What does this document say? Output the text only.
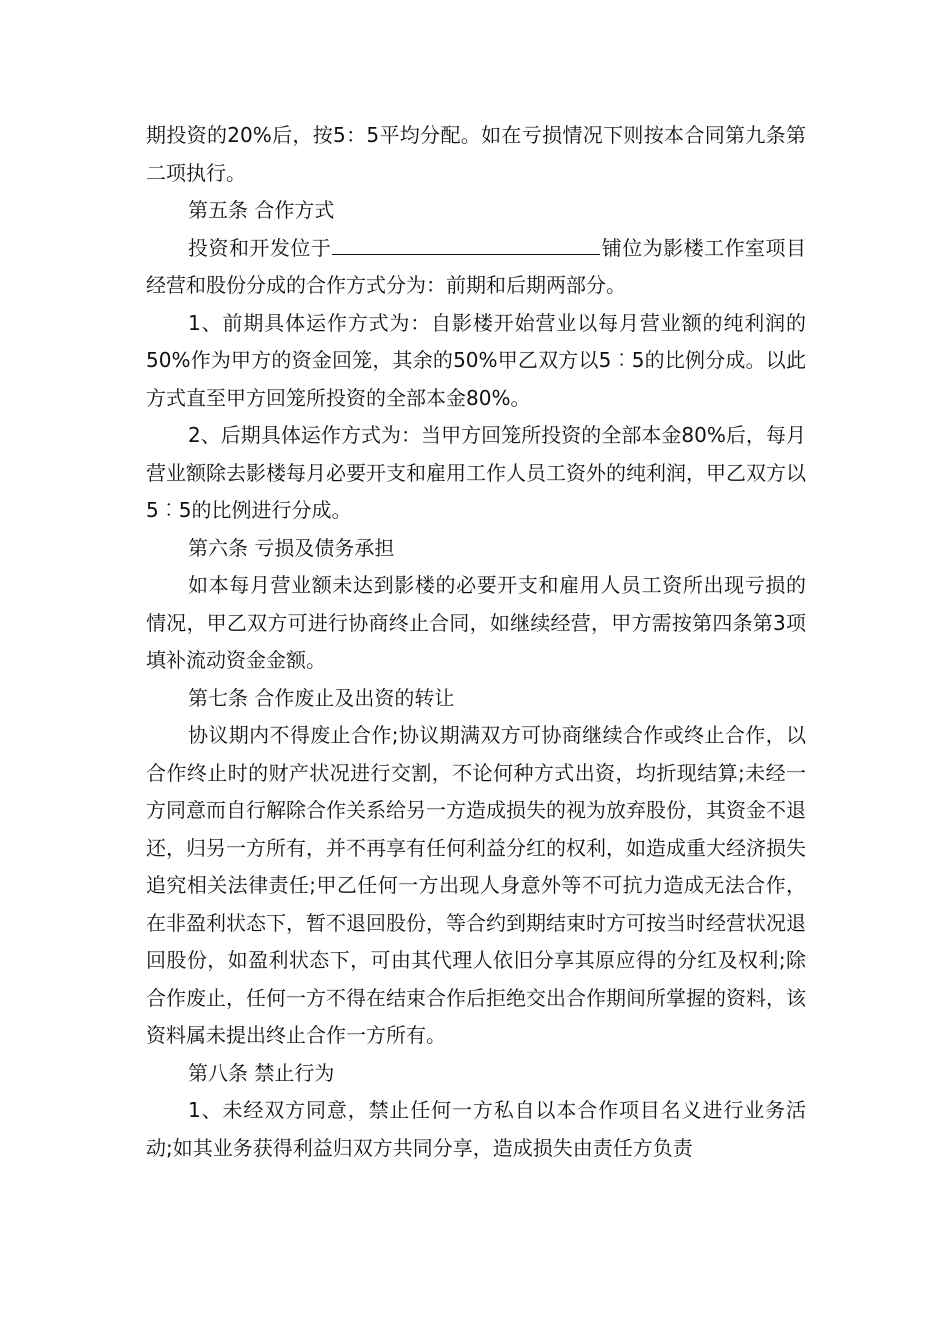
期投资的20%后，按5：5平均分配。如在亏损情况下则按本合同第九条第二项执行。

第五条 合作方式

投资和开发位于	铺位为影楼工作室项目经营和股份分成的合作方式分为：前期和后期两部分。

1、前期具体运作方式为：自影楼开始营业以每月营业额的纯利润的50%作为甲方的资金回笼，其余的50%甲乙双方以5︰5的比例分成。以此方式直至甲方回笼所投资的全部本金80%。

2、后期具体运作方式为：当甲方回笼所投资的全部本金80%后，每月营业额除去影楼每月必要开支和雇用工作人员工资外的纯利润，甲乙双方以5︰5的比例进行分成。

第六条 亏损及债务承担

如本每月营业额未达到影楼的必要开支和雇用人员工资所出现亏损的情况，甲乙双方可进行协商终止合同，如继续经营，甲方需按第四条第3项填补流动资金金额。

第七条 合作废止及出资的转让

协议期内不得废止合作;协议期满双方可协商继续合作或终止合作，以合作终止时的财产状况进行交割，不论何种方式出资，均折现结算;未经一方同意而自行解除合作关系给另一方造成损失的视为放弃股份，其资金不退还，归另一方所有，并不再享有任何利益分红的权利，如造成重大经济损失追究相关法律责任;甲乙任何一方出现人身意外等不可抗力造成无法合作，在非盈利状态下，暂不退回股份，等合约到期结束时方可按当时经营状况退回股份，如盈利状态下，可由其代理人依旧分享其原应得的分红及权利;除合作废止，任何一方不得在结束合作后拒绝交出合作期间所掌握的资料，该资料属未提出终止合作一方所有。

第八条 禁止行为

1、未经双方同意，禁止任何一方私自以本合作项目名义进行业务活动;如其业务获得利益归双方共同分享，造成损失由责任方负责
